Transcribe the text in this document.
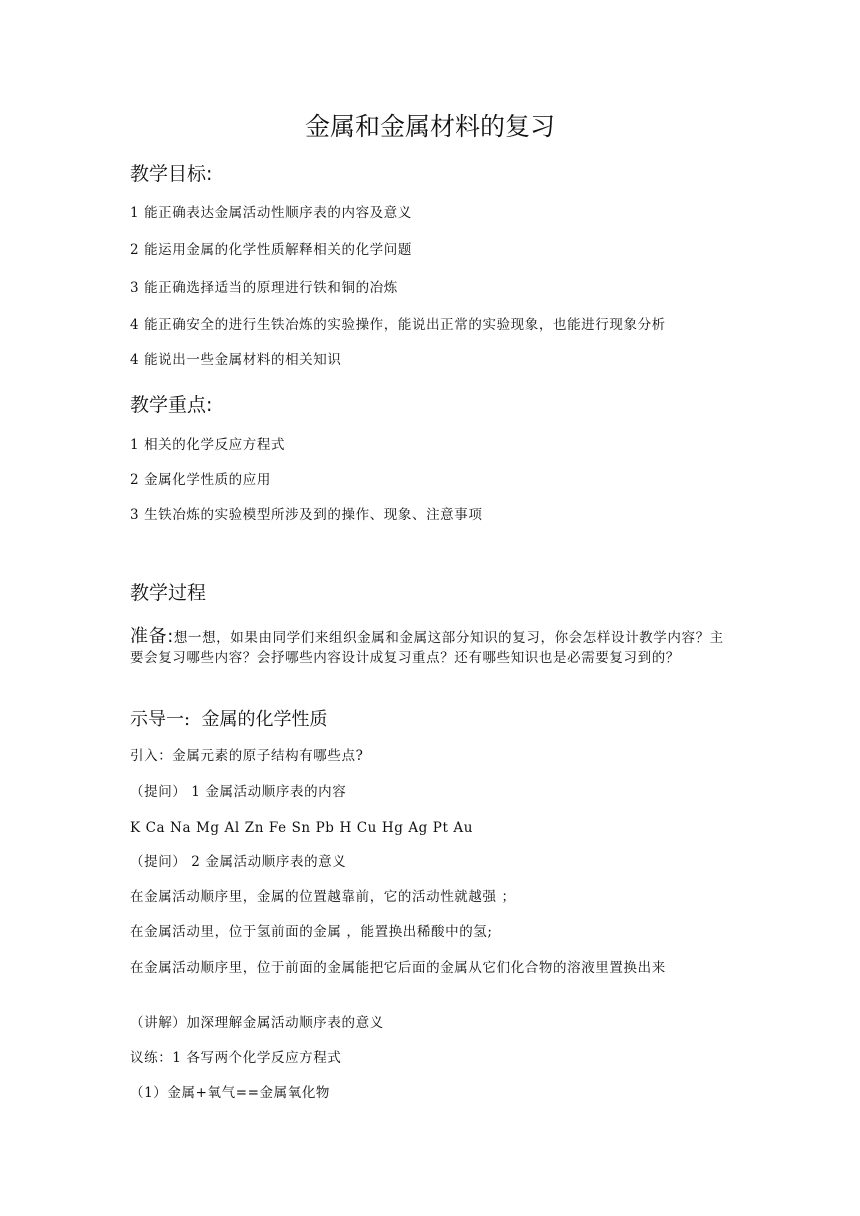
金属和金属材料的复习
教学目标:
1 能正确表达金属活动性顺序表的内容及意义
2 能运用金属的化学性质解释相关的化学问题
3 能正确选择适当的原理进行铁和铜的冶炼
4 能正确安全的进行生铁冶炼的实验操作，能说出正常的实验现象，也能进行现象分析
4 能说出一些金属材料的相关知识
教学重点:
1 相关的化学反应方程式
2 金属化学性质的应用
3 生铁冶炼的实验模型所涉及到的操作、现象、注意事项
教学过程
准备:想一想，如果由同学们来组织金属和金属这部分知识的复习，你会怎样设计教学内容？主要会复习哪些内容？会抒哪些内容设计成复习重点？还有哪些知识也是必需要复习到的？
示导一: 金属的化学性质
引入：金属元素的原子结构有哪些点?
（提问） 1 金属活动顺序表的内容
K Ca Na Mg Al Zn Fe Sn Pb H Cu Hg Ag Pt Au
（提问） 2 金属活动顺序表的意义
在金属活动顺序里，金属的位置越靠前，它的活动性就越强 ；
在金属活动里，位于氢前面的金属 ，能置换出稀酸中的氢;
在金属活动顺序里，位于前面的金属能把它后面的金属从它们化合物的溶液里置换出来
（讲解）加深理解金属活动顺序表的意义
议练：1 各写两个化学反应方程式
（1）金属+氧气==金属氧化物
